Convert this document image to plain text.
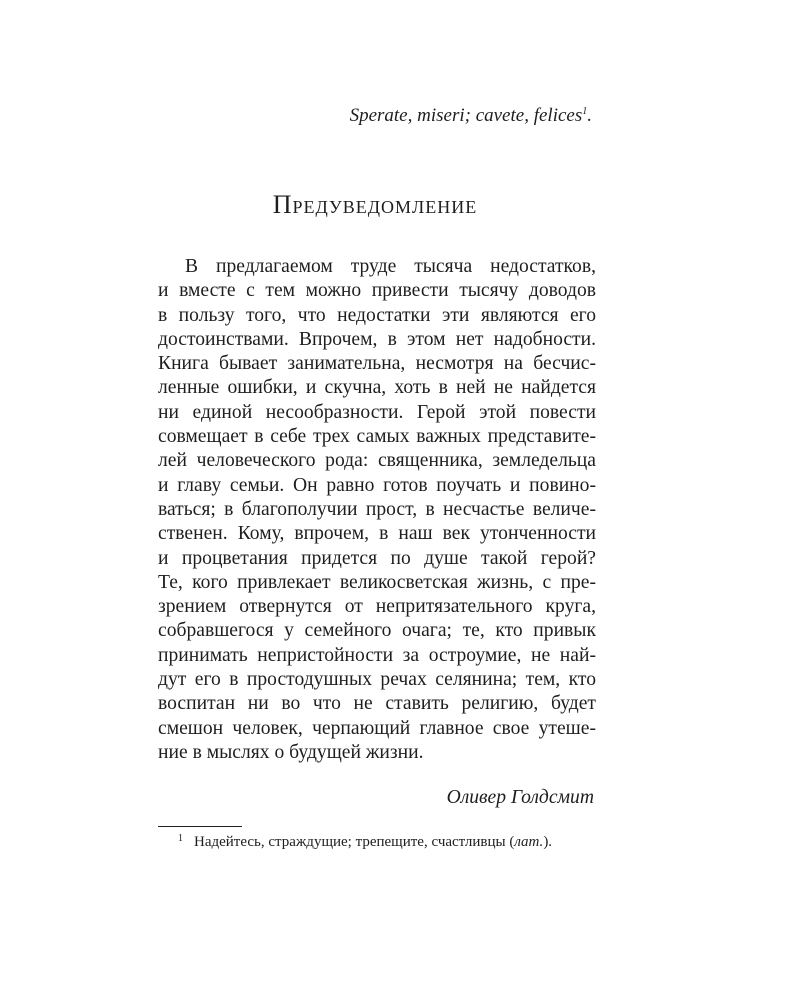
Sperate, miseri; cavete, felices$^1$.
Предуведомление
В предлагаемом труде тысяча недостатков,
и вместе с тем можно привести тысячу доводов
в пользу того, что недостатки эти являются его
достоинствами. Впрочем, в этом нет надобности.
Книга бывает занимательна, несмотря на бесчис-
ленные ошибки, и скучна, хоть в ней не найдется
ни единой несообразности. Герой этой повести
совмещает в себе трех самых важных представите-
лей человеческого рода: священника, земледельца
и главу семьи. Он равно готов поучать и повино-
ваться; в благополучии прост, в несчастье величе-
ственен. Кому, впрочем, в наш век утонченности
и процветания придется по душе такой герой?
Те, кого привлекает великосветская жизнь, с пре-
зрением отвернутся от непритязательного круга,
собравшегося у семейного очага; те, кто привык
принимать непристойности за остроумие, не най-
дут его в простодушных речах селянина; тем, кто
воспитан ни во что не ставить религию, будет
смешон человек, черпающий главное свое утеше-
ние в мыслях о будущей жизни.
Оливер Голдсмит
$^1$ Надейтесь, страждущие; трепещите, счастливцы (лат.).
